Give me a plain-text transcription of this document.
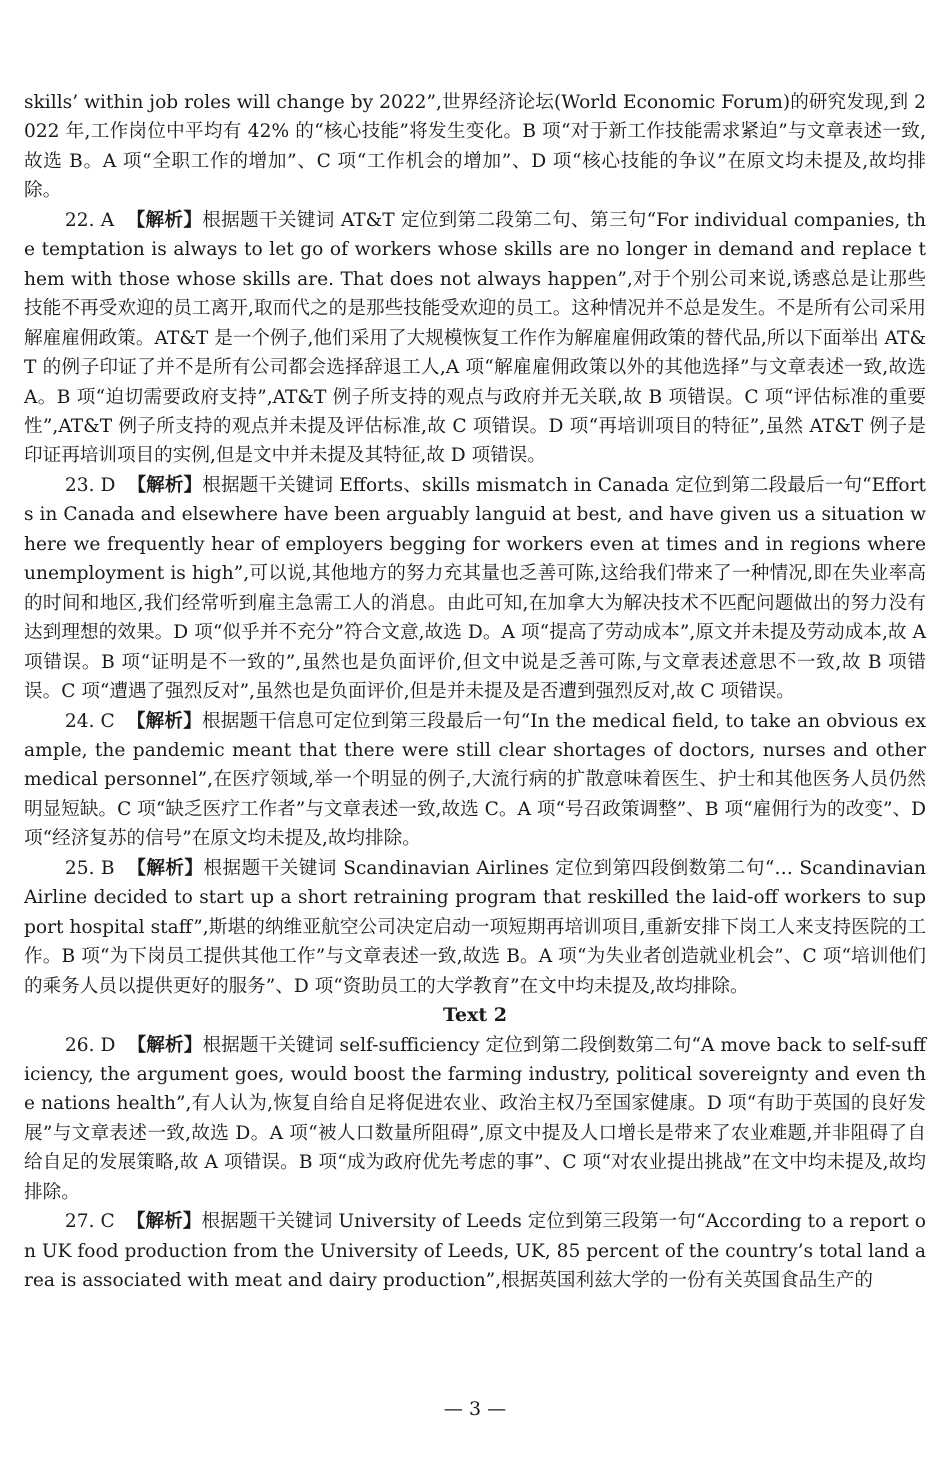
skills’ within job roles will change by 2022”,世界经济论坛(World Economic Forum)的研究发现,到 2022 年,工作岗位中平均有 42% 的“核心技能”将发生变化。B 项“对于新工作技能需求紧迫”与文章表述一致,故选 B。A 项“全职工作的增加”、C 项“工作机会的增加”、D 项“核心技能的争议”在原文均未提及,故均排除。

22. A 【解析】根据题干关键词 AT&T 定位到第二段第二句、第三句“For individual companies, the temptation is always to let go of workers whose skills are no longer in demand and replace them with those whose skills are. That does not always happen”,对于个别公司来说,诱惑总是让那些技能不再受欢迎的员工离开,取而代之的是那些技能受欢迎的员工。这种情况并不总是发生。不是所有公司采用解雇雇佣政策。AT&T 是一个例子,他们采用了大规模恢复工作作为解雇雇佣政策的替代品,所以下面举出 AT&T 的例子印证了并不是所有公司都会选择辞退工人,A 项“解雇雇佣政策以外的其他选择”与文章表述一致,故选 A。B 项“迫切需要政府支持”,AT&T 例子所支持的观点与政府并无关联,故 B 项错误。C 项“评估标准的重要性”,AT&T 例子所支持的观点并未提及评估标准,故 C 项错误。D 项“再培训项目的特征”,虽然 AT&T 例子是印证再培训项目的实例,但是文中并未提及其特征,故 D 项错误。

23. D 【解析】根据题干关键词 Efforts、skills mismatch in Canada 定位到第二段最后一句“Efforts in Canada and elsewhere have been arguably languid at best, and have given us a situation where we frequently hear of employers begging for workers even at times and in regions where unemployment is high”,可以说,其他地方的努力充其量也乏善可陈,这给我们带来了一种情况,即在失业率高的时间和地区,我们经常听到雇主急需工人的消息。由此可知,在加拿大为解决技术不匹配问题做出的努力没有达到理想的效果。D 项“似乎并不充分”符合文意,故选 D。A 项“提高了劳动成本”,原文并未提及劳动成本,故 A 项错误。B 项“证明是不一致的”,虽然也是负面评价,但文中说是乏善可陈,与文章表述意思不一致,故 B 项错误。C 项“遭遇了强烈反对”,虽然也是负面评价,但是并未提及是否遭到强烈反对,故 C 项错误。

24. C 【解析】根据题干信息可定位到第三段最后一句“In the medical field, to take an obvious example, the pandemic meant that there were still clear shortages of doctors, nurses and other medical personnel”,在医疗领域,举一个明显的例子,大流行病的扩散意味着医生、护士和其他医务人员仍然明显短缺。C 项“缺乏医疗工作者”与文章表述一致,故选 C。A 项“号召政策调整”、B 项“雇佣行为的改变”、D 项“经济复苏的信号”在原文均未提及,故均排除。

25. B 【解析】根据题干关键词 Scandinavian Airlines 定位到第四段倒数第二句“… Scandinavian Airline decided to start up a short retraining program that reskilled the laid-off workers to support hospital staff”,斯堪的纳维亚航空公司决定启动一项短期再培训项目,重新安排下岗工人来支持医院的工作。B 项“为下岗员工提供其他工作”与文章表述一致,故选 B。A 项“为失业者创造就业机会”、C 项“培训他们的乘务人员以提供更好的服务”、D 项“资助员工的大学教育”在文中均未提及,故均排除。

Text 2

26. D 【解析】根据题干关键词 self-sufficiency 定位到第二段倒数第二句“A move back to self-sufficiency, the argument goes, would boost the farming industry, political sovereignty and even the nations health”,有人认为,恢复自给自足将促进农业、政治主权乃至国家健康。D 项“有助于英国的良好发展”与文章表述一致,故选 D。A 项“被人口数量所阻碍”,原文中提及人口增长是带来了农业难题,并非阻碍了自给自足的发展策略,故 A 项错误。B 项“成为政府优先考虑的事”、C 项“对农业提出挑战”在文中均未提及,故均排除。

27. C 【解析】根据题干关键词 University of Leeds 定位到第三段第一句“According to a report on UK food production from the University of Leeds, UK, 85 percent of the country’s total land area is associated with meat and dairy production”,根据英国利兹大学的一份有关英国食品生产的

— 3 —
